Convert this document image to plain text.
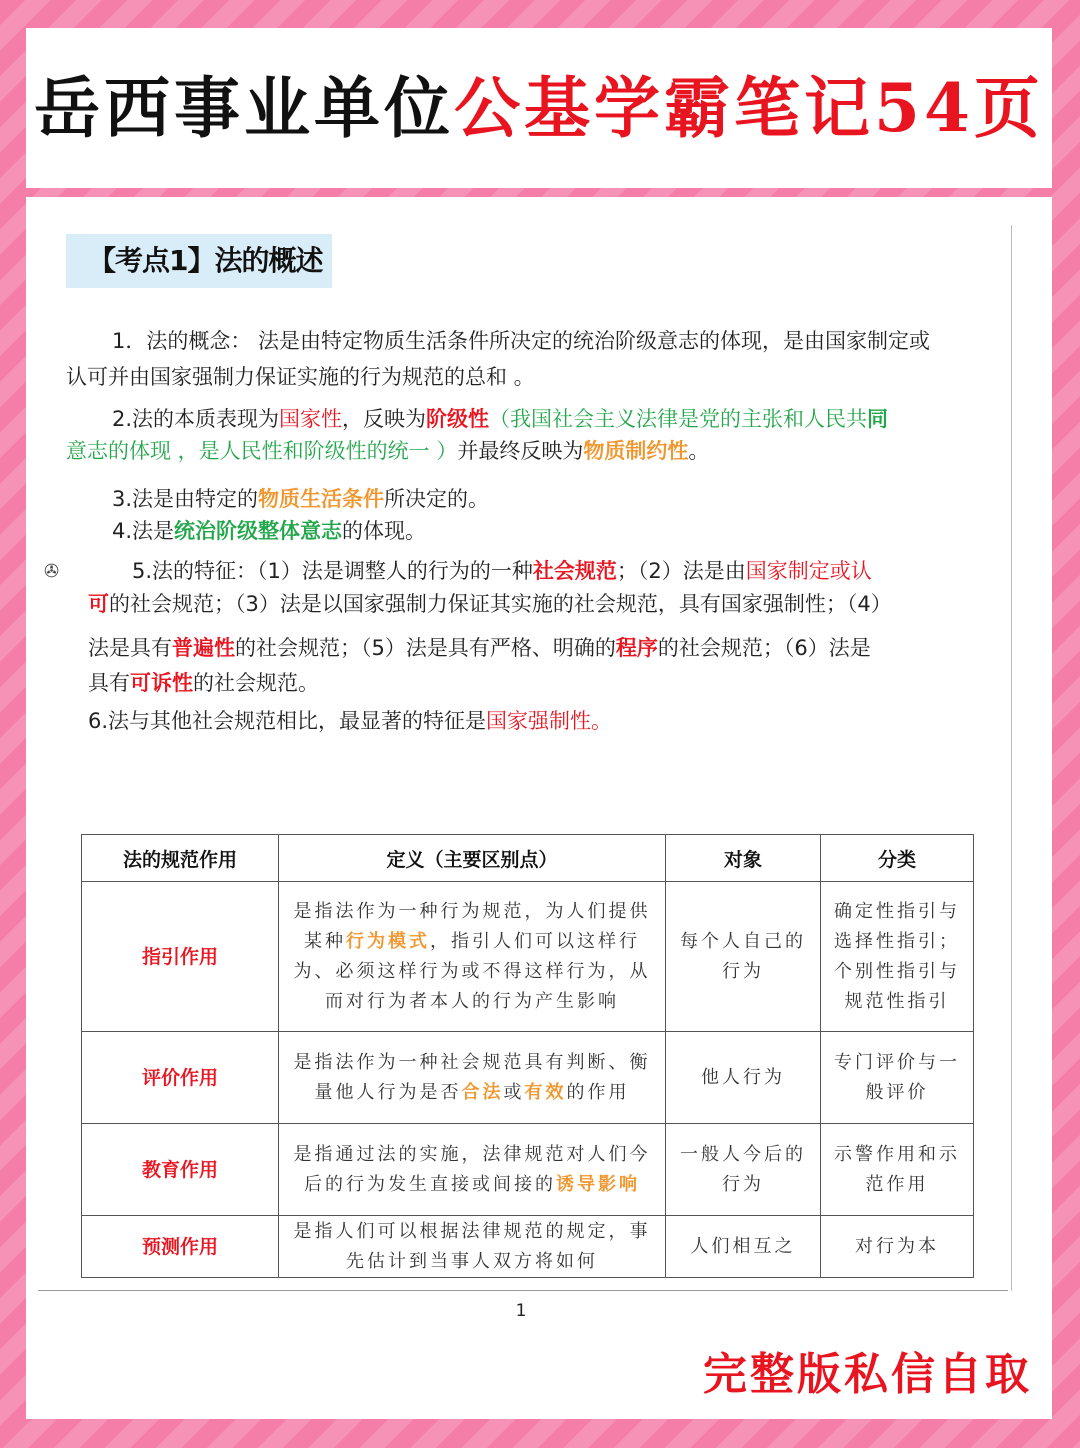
岳西事业单位公基学霸笔记54页
【考点1】法的概述
1．法的概念： 法是由特定物质生活条件所决定的统治阶级意志的体现，是由国家制定或
认可并由国家强制力保证实施的行为规范的总和 。
2.法的本质表现为国家性，反映为阶级性（我国社会主义法律是党的主张和人民共同
意志的体现 ，是人民性和阶级性的统一 ）并最终反映为物质制约性。
3.法是由特定的物质生活条件所决定的。
4.法是统治阶级整体意志的体现。
✇	5.法的特征：（1）法是调整人的行为的一种社会规范；（2）法是由国家制定或认
可的社会规范；（3）法是以国家强制力保证其实施的社会规范，具有国家强制性；（4）
法是具有普遍性的社会规范；（5）法是具有严格、明确的程序的社会规范；（6）法是
具有可诉性的社会规范。
6.法与其他社会规范相比，最显著的特征是国家强制性。
法的规范作用	定义（主要区别点）	对象	分类
指引作用	是指法作为一种行为规范，为人们提供某种行为模式，指引人们可以这样行为、必须这样行为或不得这样行为，从而对行为者本人的行为产生影响	每个人自己的行为	确定性指引与选择性指引；个别性指引与规范性指引
评价作用	是指法作为一种社会规范具有判断、衡量他人行为是否合法或有效的作用	他人行为	专门评价与一般评价
教育作用	是指通过法的实施，法律规范对人们今后的行为发生直接或间接的诱导影响	一般人今后的行为	示警作用和示范作用
预测作用	是指人们可以根据法律规范的规定，事先估计到当事人双方将如何	人们相互之	对行为本
1
完整版私信自取
